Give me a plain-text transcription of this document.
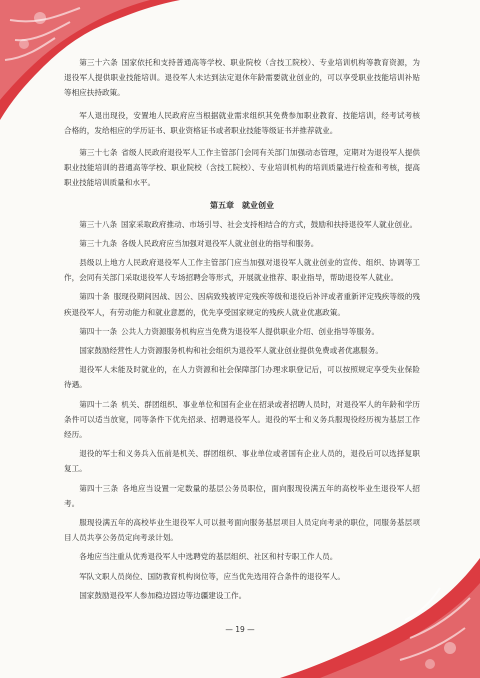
第三十六条 国家依托和支持普通高等学校、职业院校（含技工院校）、专业培训机构等教育资源，为退役军人提供职业技能培训。退役军人未达到法定退休年龄需要就业创业的，可以享受职业技能培训补贴等相应扶持政策。

军人退出现役，安置地人民政府应当根据就业需求组织其免费参加职业教育、技能培训，经考试考核合格的，发给相应的学历证书、职业资格证书或者职业技能等级证书并推荐就业。

第三十七条 省级人民政府退役军人工作主管部门会同有关部门加强动态管理，定期对为退役军人提供职业技能培训的普通高等学校、职业院校（含技工院校）、专业培训机构的培训质量进行检查和考核，提高职业技能培训质量和水平。

第五章　就业创业

第三十八条 国家采取政府推动、市场引导、社会支持相结合的方式，鼓励和扶持退役军人就业创业。

第三十九条 各级人民政府应当加强对退役军人就业创业的指导和服务。

县级以上地方人民政府退役军人工作主管部门应当加强对退役军人就业创业的宣传、组织、协调等工作，会同有关部门采取退役军人专场招聘会等形式，开展就业推荐、职业指导，帮助退役军人就业。

第四十条 服现役期间因战、因公、因病致残被评定残疾等级和退役后补评或者重新评定残疾等级的残疾退役军人，有劳动能力和就业意愿的，优先享受国家规定的残疾人就业优惠政策。

第四十一条 公共人力资源服务机构应当免费为退役军人提供职业介绍、创业指导等服务。

国家鼓励经营性人力资源服务机构和社会组织为退役军人就业创业提供免费或者优惠服务。

退役军人未能及时就业的，在人力资源和社会保障部门办理求职登记后，可以按照规定享受失业保险待遇。

第四十二条 机关、群团组织、事业单位和国有企业在招录或者招聘人员时，对退役军人的年龄和学历条件可以适当放宽，同等条件下优先招录、招聘退役军人。退役的军士和义务兵服现役经历视为基层工作经历。

退役的军士和义务兵入伍前是机关、群团组织、事业单位或者国有企业人员的，退役后可以选择复职复工。

第四十三条 各地应当设置一定数量的基层公务员职位，面向服现役满五年的高校毕业生退役军人招考。

服现役满五年的高校毕业生退役军人可以报考面向服务基层项目人员定向考录的职位，同服务基层项目人员共享公务员定向考录计划。

各地应当注重从优秀退役军人中选聘党的基层组织、社区和村专职工作人员。

军队文职人员岗位、国防教育机构岗位等，应当优先选用符合条件的退役军人。

国家鼓励退役军人参加稳边固边等边疆建设工作。

— 19 —
